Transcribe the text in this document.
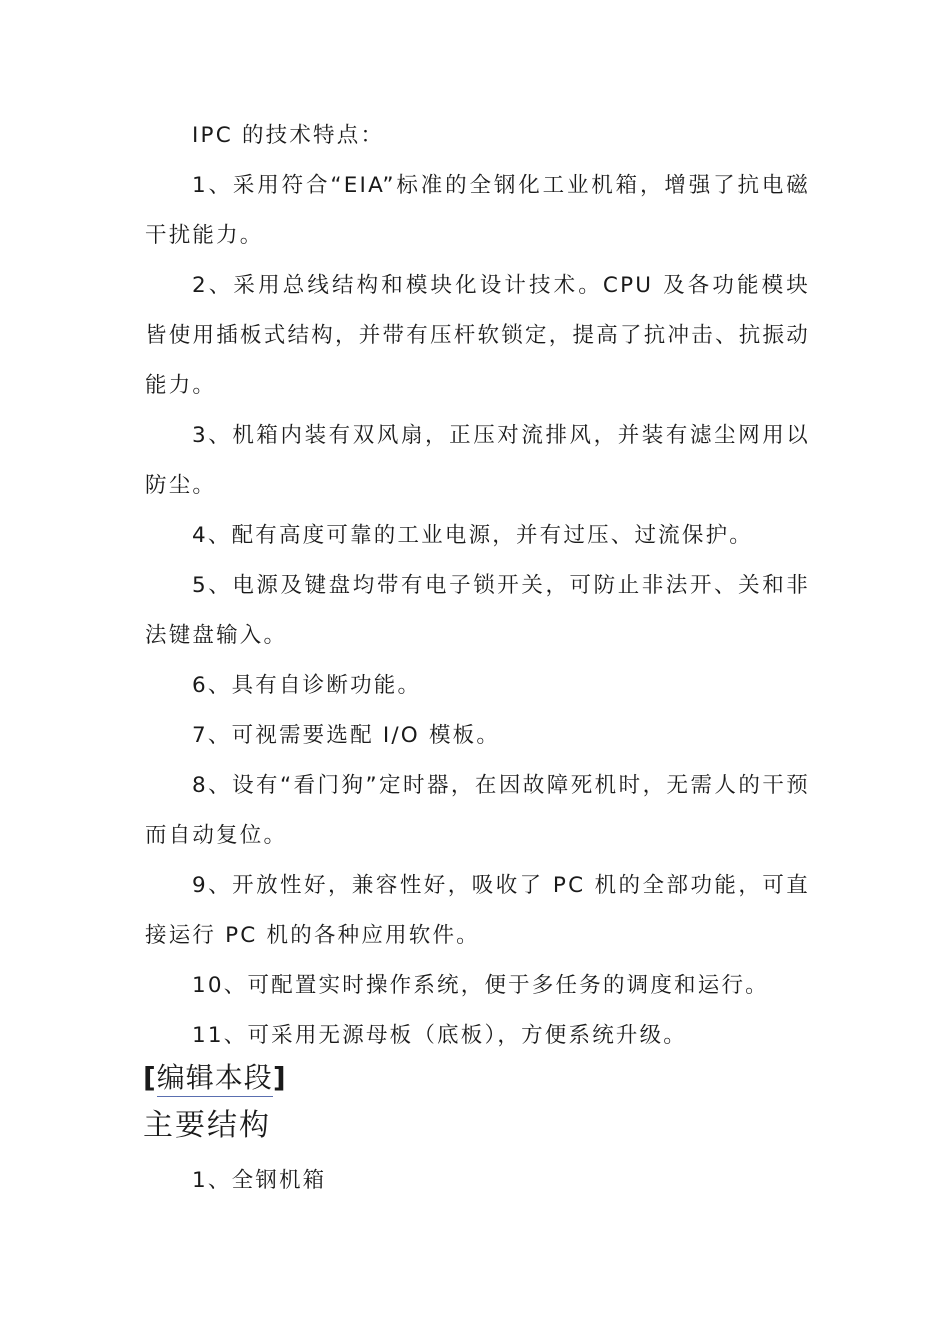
IPC 的技术特点：

1、采用符合“EIA”标准的全钢化工业机箱，增强了抗电磁干扰能力。

2、采用总线结构和模块化设计技术。CPU 及各功能模块皆使用插板式结构，并带有压杆软锁定，提高了抗冲击、抗振动能力。

3、机箱内装有双风扇，正压对流排风，并装有滤尘网用以防尘。

4、配有高度可靠的工业电源，并有过压、过流保护。

5、电源及键盘均带有电子锁开关，可防止非法开、关和非法键盘输入。

6、具有自诊断功能。

7、可视需要选配 I/O 模板。

8、设有“看门狗”定时器，在因故障死机时，无需人的干预而自动复位。

9、开放性好，兼容性好，吸收了 PC 机的全部功能，可直接运行 PC 机的各种应用软件。

10、可配置实时操作系统，便于多任务的调度和运行。

11、可采用无源母板（底板），方便系统升级。

[编辑本段]

主要结构

1、全钢机箱
